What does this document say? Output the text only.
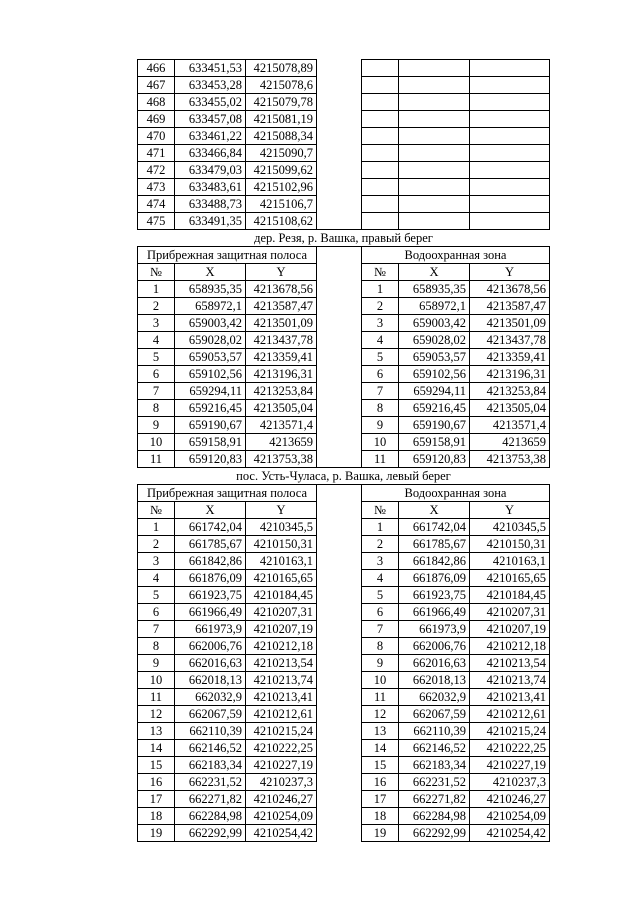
466	633451,53	4215078,89				
467	633453,28	4215078,6				
468	633455,02	4215079,78				
469	633457,08	4215081,19				
470	633461,22	4215088,34				
471	633466,84	4215090,7				
472	633479,03	4215099,62				
473	633483,61	4215102,96				
474	633488,73	4215106,7				
475	633491,35	4215108,62				
дер. Резя, р. Вашка, правый берег						
Прибрежная защитная полоса				Водоохранная зона		
№	X	Y		№	X	Y
1	658935,35	4213678,56		1	658935,35	4213678,56
2	658972,1	4213587,47		2	658972,1	4213587,47
3	659003,42	4213501,09		3	659003,42	4213501,09
4	659028,02	4213437,78		4	659028,02	4213437,78
5	659053,57	4213359,41		5	659053,57	4213359,41
6	659102,56	4213196,31		6	659102,56	4213196,31
7	659294,11	4213253,84		7	659294,11	4213253,84
8	659216,45	4213505,04		8	659216,45	4213505,04
9	659190,67	4213571,4		9	659190,67	4213571,4
10	659158,91	4213659		10	659158,91	4213659
11	659120,83	4213753,38		11	659120,83	4213753,38
пос. Усть-Чуласа, р. Вашка, левый берег						
Прибрежная защитная полоса				Водоохранная зона		
№	X	Y		№	X	Y
1	661742,04	4210345,5		1	661742,04	4210345,5
2	661785,67	4210150,31		2	661785,67	4210150,31
3	661842,86	4210163,1		3	661842,86	4210163,1
4	661876,09	4210165,65		4	661876,09	4210165,65
5	661923,75	4210184,45		5	661923,75	4210184,45
6	661966,49	4210207,31		6	661966,49	4210207,31
7	661973,9	4210207,19		7	661973,9	4210207,19
8	662006,76	4210212,18		8	662006,76	4210212,18
9	662016,63	4210213,54		9	662016,63	4210213,54
10	662018,13	4210213,74		10	662018,13	4210213,74
11	662032,9	4210213,41		11	662032,9	4210213,41
12	662067,59	4210212,61		12	662067,59	4210212,61
13	662110,39	4210215,24		13	662110,39	4210215,24
14	662146,52	4210222,25		14	662146,52	4210222,25
15	662183,34	4210227,19		15	662183,34	4210227,19
16	662231,52	4210237,3		16	662231,52	4210237,3
17	662271,82	4210246,27		17	662271,82	4210246,27
18	662284,98	4210254,09		18	662284,98	4210254,09
19	662292,99	4210254,42		19	662292,99	4210254,42
